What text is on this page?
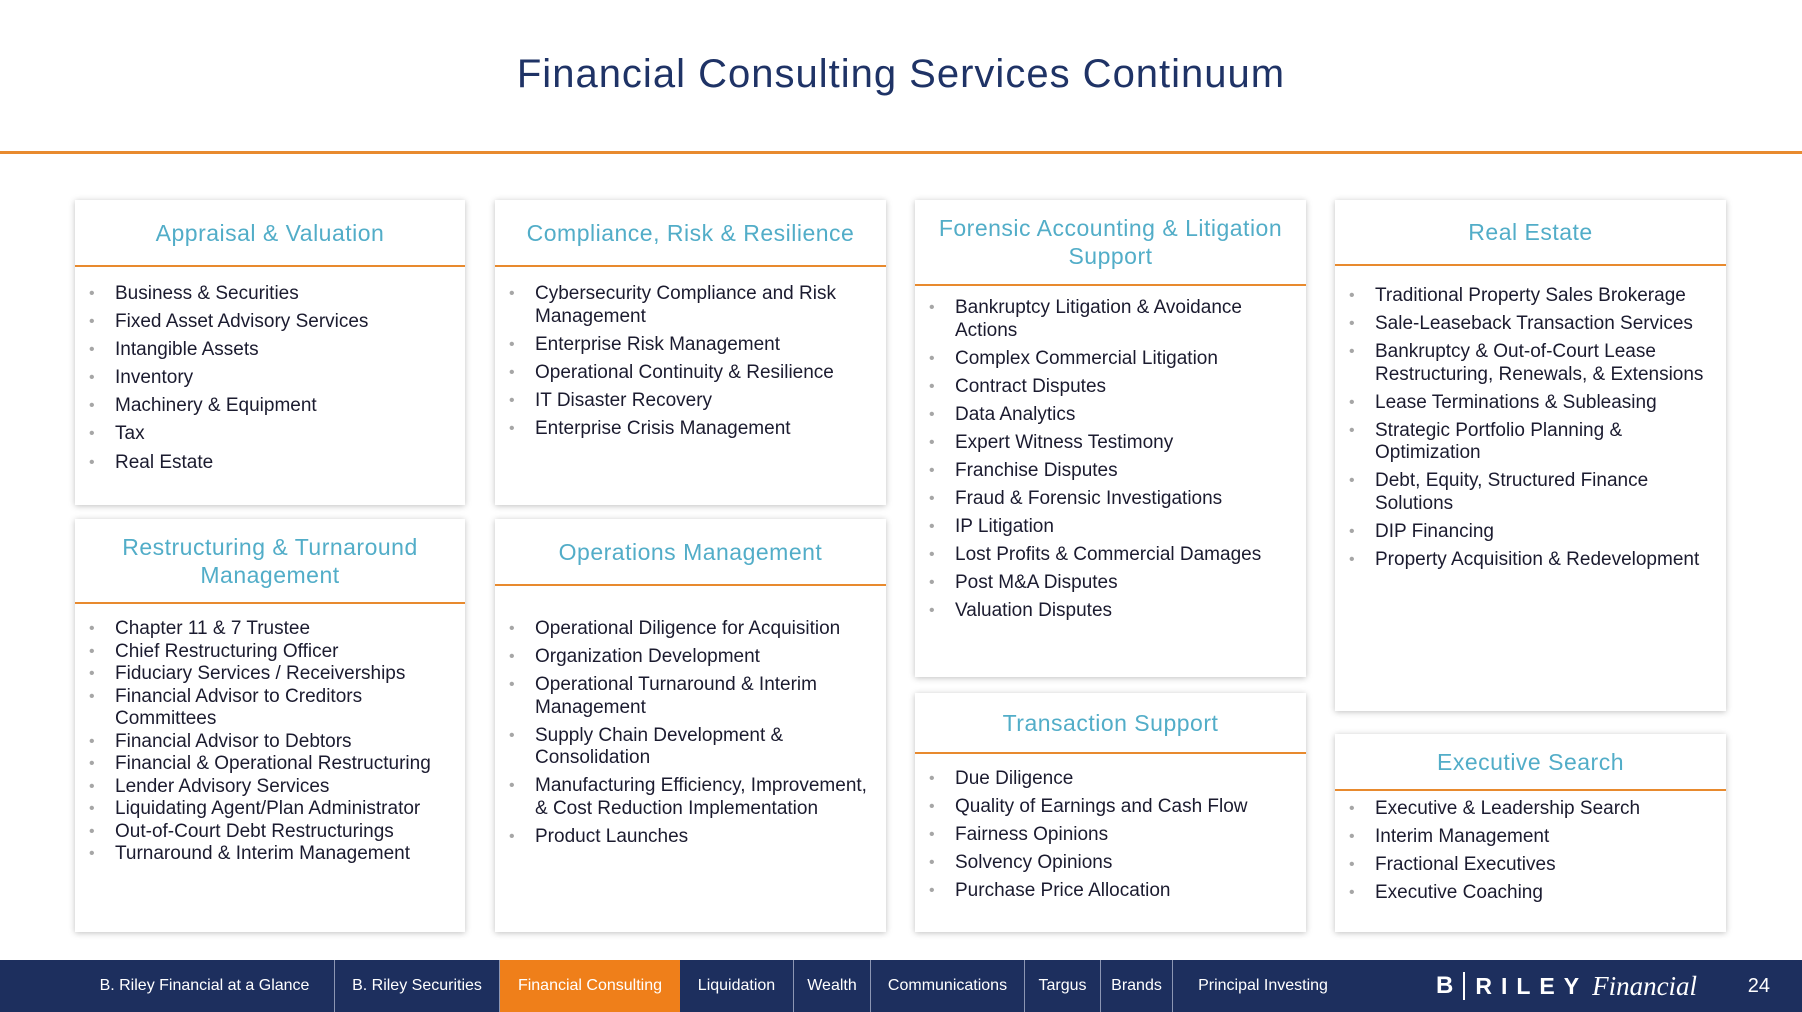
Financial Consulting Services Continuum
Appraisal & Valuation
• Business & Securities
• Fixed Asset Advisory Services
• Intangible Assets
• Inventory
• Machinery & Equipment
• Tax
• Real Estate
Compliance, Risk & Resilience
• Cybersecurity Compliance and Risk Management
• Enterprise Risk Management
• Operational Continuity & Resilience
• IT Disaster Recovery
• Enterprise Crisis Management
Forensic Accounting & Litigation Support
• Bankruptcy Litigation & Avoidance Actions
• Complex Commercial Litigation
• Contract Disputes
• Data Analytics
• Expert Witness Testimony
• Franchise Disputes
• Fraud & Forensic Investigations
• IP Litigation
• Lost Profits & Commercial Damages
• Post M&A Disputes
• Valuation Disputes
Real Estate
• Traditional Property Sales Brokerage
• Sale-Leaseback Transaction Services
• Bankruptcy & Out-of-Court Lease Restructuring, Renewals, & Extensions
• Lease Terminations & Subleasing
• Strategic Portfolio Planning & Optimization
• Debt, Equity, Structured Finance Solutions
• DIP Financing
• Property Acquisition & Redevelopment
Restructuring & Turnaround Management
• Chapter 11 & 7 Trustee
• Chief Restructuring Officer
• Fiduciary Services / Receiverships
• Financial Advisor to Creditors Committees
• Financial Advisor to Debtors
• Financial & Operational Restructuring
• Lender Advisory Services
• Liquidating Agent/Plan Administrator
• Out-of-Court Debt Restructurings
• Turnaround & Interim Management
Operations Management
• Operational Diligence for Acquisition
• Organization Development
• Operational Turnaround & Interim Management
• Supply Chain Development & Consolidation
• Manufacturing Efficiency, Improvement, & Cost Reduction Implementation
• Product Launches
Transaction Support
• Due Diligence
• Quality of Earnings and Cash Flow
• Fairness Opinions
• Solvency Opinions
• Purchase Price Allocation
Executive Search
• Executive & Leadership Search
• Interim Management
• Fractional Executives
• Executive Coaching
B. Riley Financial at a Glance	B. Riley Securities	Financial Consulting	Liquidation	Wealth	Communications	Targus	Brands	Principal Investing	B RILEY Financial	24
